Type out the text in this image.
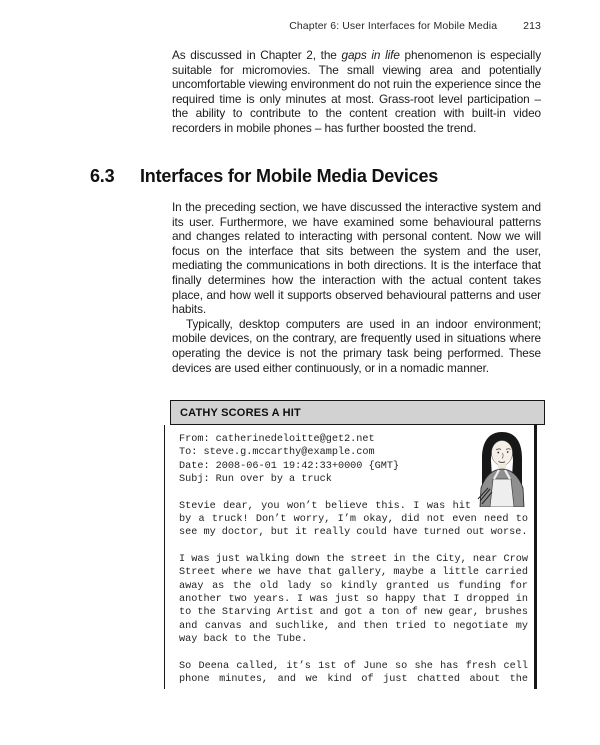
Chapter 6: User Interfaces for Mobile Media 213

As discussed in Chapter 2, the gaps in life phenomenon is especially suitable for micromovies. The small viewing area and potentially uncomfortable viewing environment do not ruin the experience since the required time is only minutes at most. Grass-root level participation – the ability to contribute to the content creation with built-in video recorders in mobile phones – has further boosted the trend.

6.3	Interfaces for Mobile Media Devices

In the preceding section, we have discussed the interactive system and its user. Furthermore, we have examined some behavioural patterns and changes related to interacting with personal content. Now we will focus on the interface that sits between the system and the user, mediating the communications in both directions. It is the interface that finally determines how the interaction with the actual content takes place, and how well it supports observed behavioural patterns and user habits.

Typically, desktop computers are used in an indoor environment; mobile devices, on the contrary, are frequently used in situations where operating the device is not the primary task being performed. These devices are used either continuously, or in a nomadic manner.

CATHY SCORES A HIT
From: catherinedeloitte@get2.net
To: steve.g.mccarthy@example.com
Date: 2008-06-01 19:42:33+0000 {GMT}
Subj: Run over by a truck

Stevie dear, you won’t believe this. I was hit by a truck! Don’t worry, I’m okay, did not even need to see my doctor, but it really could have turned out worse.

I was just walking down the street in the City, near Crow Street where we have that gallery, maybe a little carried away as the old lady so kindly granted us funding for another two years. I was just so happy that I dropped in to the Starving Artist and got a ton of new gear, brushes and canvas and suchlike, and then tried to negotiate my way back to the Tube.

So Deena called, it’s 1st of June so she has fresh cell phone minutes, and we kind of just chatted about the
